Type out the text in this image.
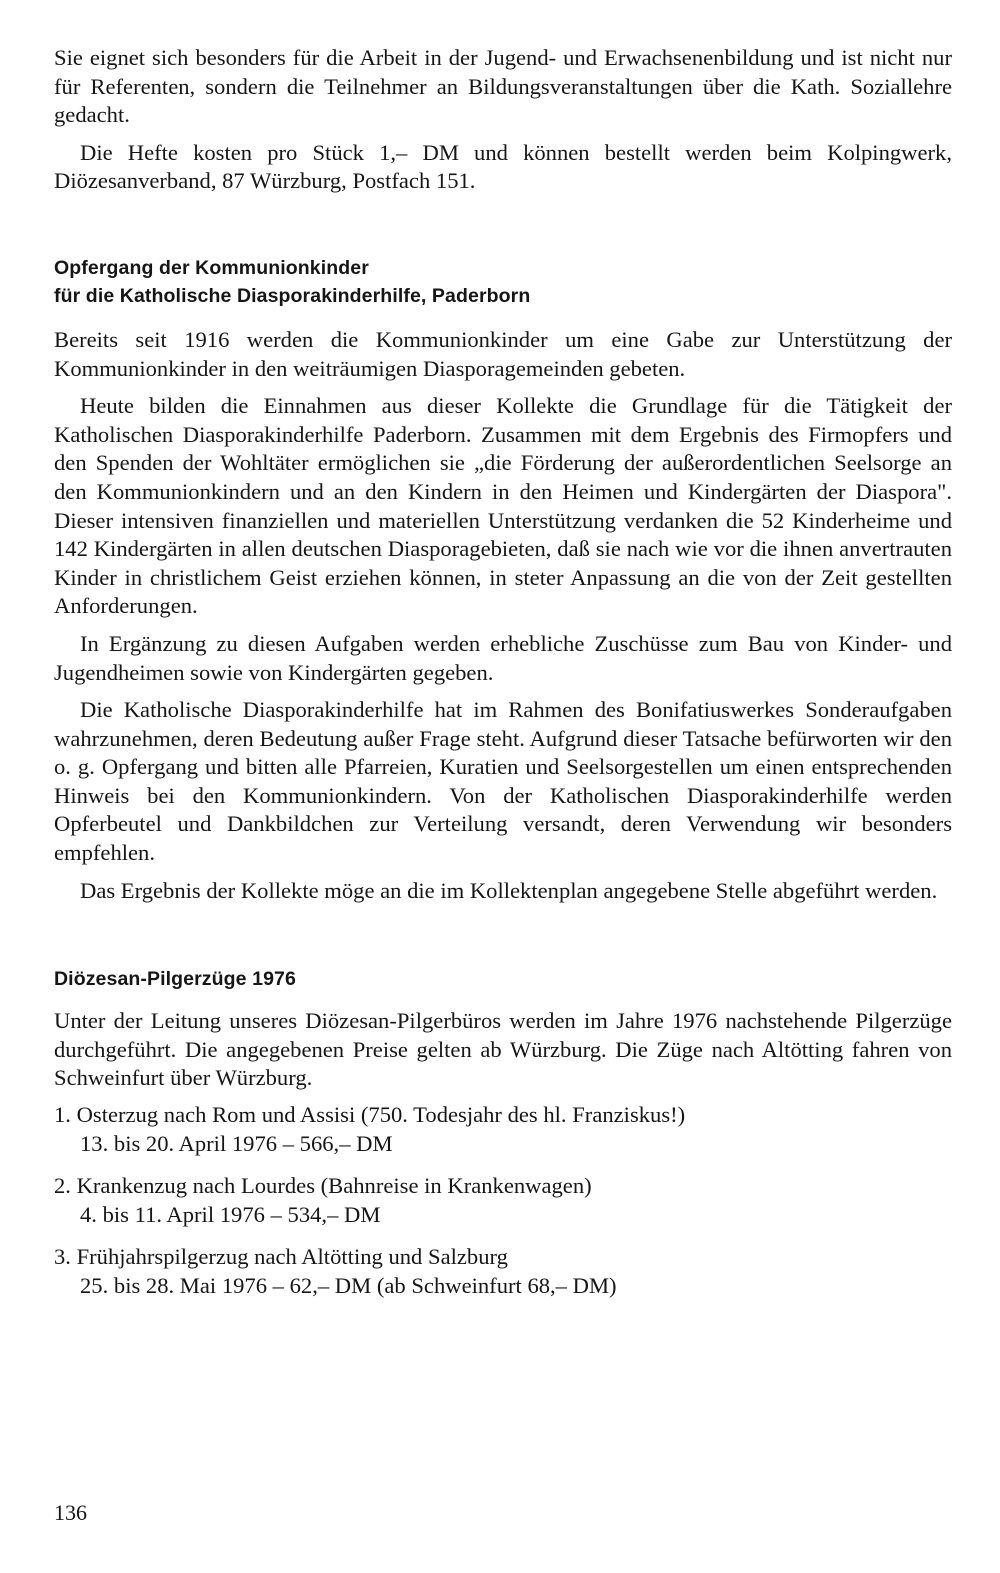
Sie eignet sich besonders für die Arbeit in der Jugend- und Erwachsenenbildung und ist nicht nur für Referenten, sondern die Teilnehmer an Bildungsveranstaltungen über die Kath. Soziallehre gedacht.

Die Hefte kosten pro Stück 1,– DM und können bestellt werden beim Kolpingwerk, Diözesanverband, 87 Würzburg, Postfach 151.

Opfergang der Kommunionkinder
für die Katholische Diasporakinderhilfe, Paderborn

Bereits seit 1916 werden die Kommunionkinder um eine Gabe zur Unterstützung der Kommunionkinder in den weiträumigen Diasporagemeinden gebeten.

Heute bilden die Einnahmen aus dieser Kollekte die Grundlage für die Tätigkeit der Katholischen Diasporakinderhilfe Paderborn. Zusammen mit dem Ergebnis des Firmopfers und den Spenden der Wohltäter ermöglichen sie „die Förderung der außerordentlichen Seelsorge an den Kommunionkindern und an den Kindern in den Heimen und Kindergärten der Diaspora". Dieser intensiven finanziellen und materiellen Unterstützung verdanken die 52 Kinderheime und 142 Kindergärten in allen deutschen Diasporagebieten, daß sie nach wie vor die ihnen anvertrauten Kinder in christlichem Geist erziehen können, in steter Anpassung an die von der Zeit gestellten Anforderungen.

In Ergänzung zu diesen Aufgaben werden erhebliche Zuschüsse zum Bau von Kinder- und Jugendheimen sowie von Kindergärten gegeben.

Die Katholische Diasporakinderhilfe hat im Rahmen des Bonifatiuswerkes Sonderaufgaben wahrzunehmen, deren Bedeutung außer Frage steht. Aufgrund dieser Tatsache befürworten wir den o. g. Opfergang und bitten alle Pfarreien, Kuratien und Seelsorgestellen um einen entsprechenden Hinweis bei den Kommunionkindern. Von der Katholischen Diasporakinderhilfe werden Opferbeutel und Dankbildchen zur Verteilung versandt, deren Verwendung wir besonders empfehlen.

Das Ergebnis der Kollekte möge an die im Kollektenplan angegebene Stelle abgeführt werden.

Diözesan-Pilgerzüge 1976

Unter der Leitung unseres Diözesan-Pilgerbüros werden im Jahre 1976 nachstehende Pilgerzüge durchgeführt. Die angegebenen Preise gelten ab Würzburg. Die Züge nach Altötting fahren von Schweinfurt über Würzburg.

1. Osterzug nach Rom und Assisi (750. Todesjahr des hl. Franziskus!)
13. bis 20. April 1976 – 566,– DM
2. Krankenzug nach Lourdes (Bahnreise in Krankenwagen)
4. bis 11. April 1976 – 534,– DM
3. Frühjahrspilgerzug nach Altötting und Salzburg
25. bis 28. Mai 1976 – 62,– DM (ab Schweinfurt 68,– DM)
136
